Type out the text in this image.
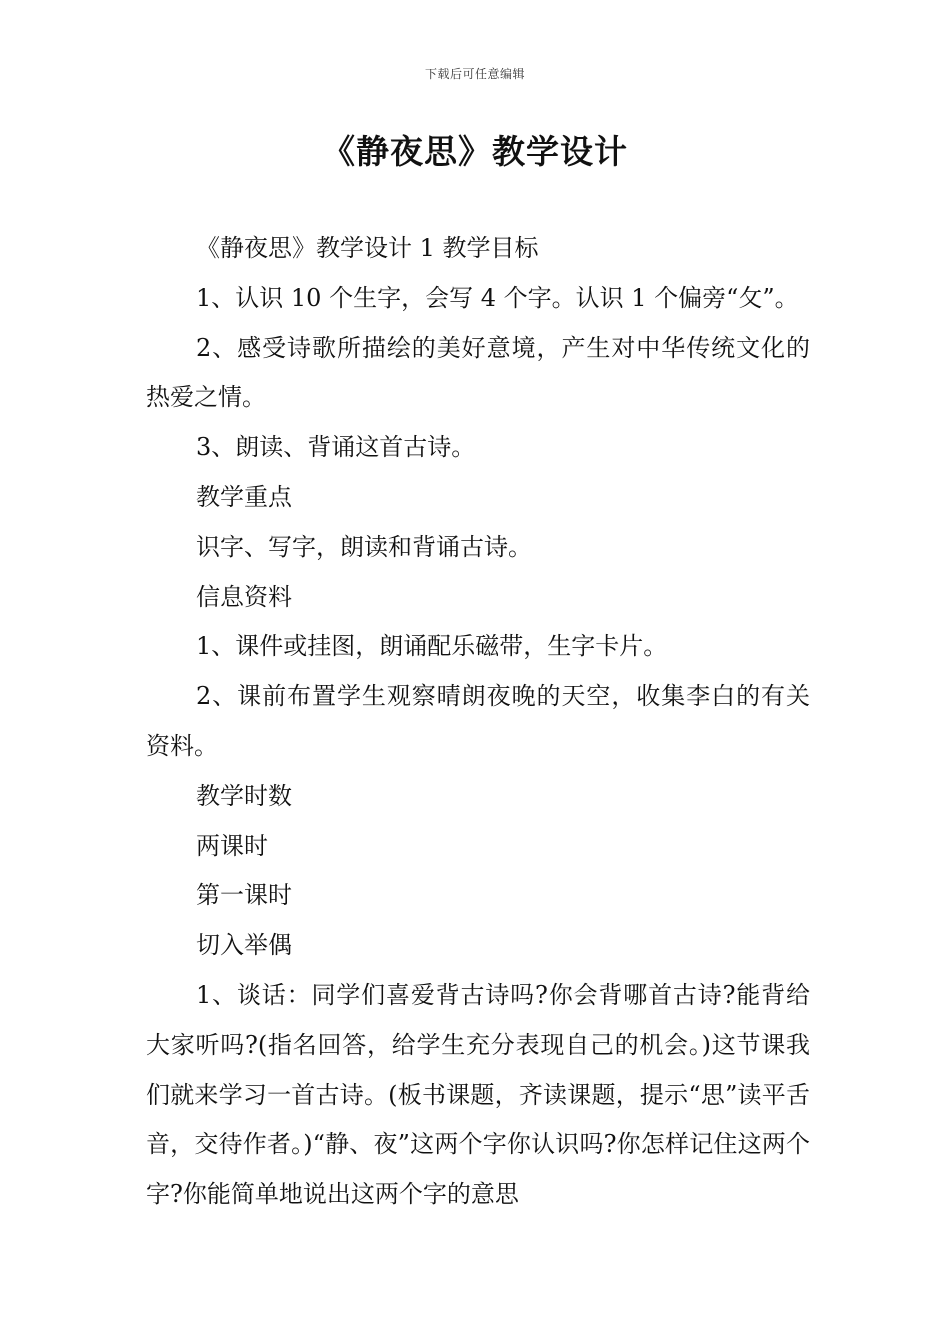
下载后可任意编辑
《静夜思》教学设计

《静夜思》教学设计 1 教学目标

1、认识 10 个生字，会写 4 个字。认识 1 个偏旁“攵”。

2、感受诗歌所描绘的美好意境，产生对中华传统文化的热爱之情。

3、朗读、背诵这首古诗。

教学重点

识字、写字，朗读和背诵古诗。

信息资料

1、课件或挂图，朗诵配乐磁带，生字卡片。

2、课前布置学生观察晴朗夜晚的天空，收集李白的有关资料。

教学时数

两课时

第一课时

切入举偶

1、谈话：同学们喜爱背古诗吗?你会背哪首古诗?能背给大家听吗?(指名回答，给学生充分表现自己的机会。)这节课我们就来学习一首古诗。(板书课题，齐读课题，提示“思”读平舌音，交待作者。)“静、夜”这两个字你认识吗?你怎样记住这两个字?你能简单地说出这两个字的意思
